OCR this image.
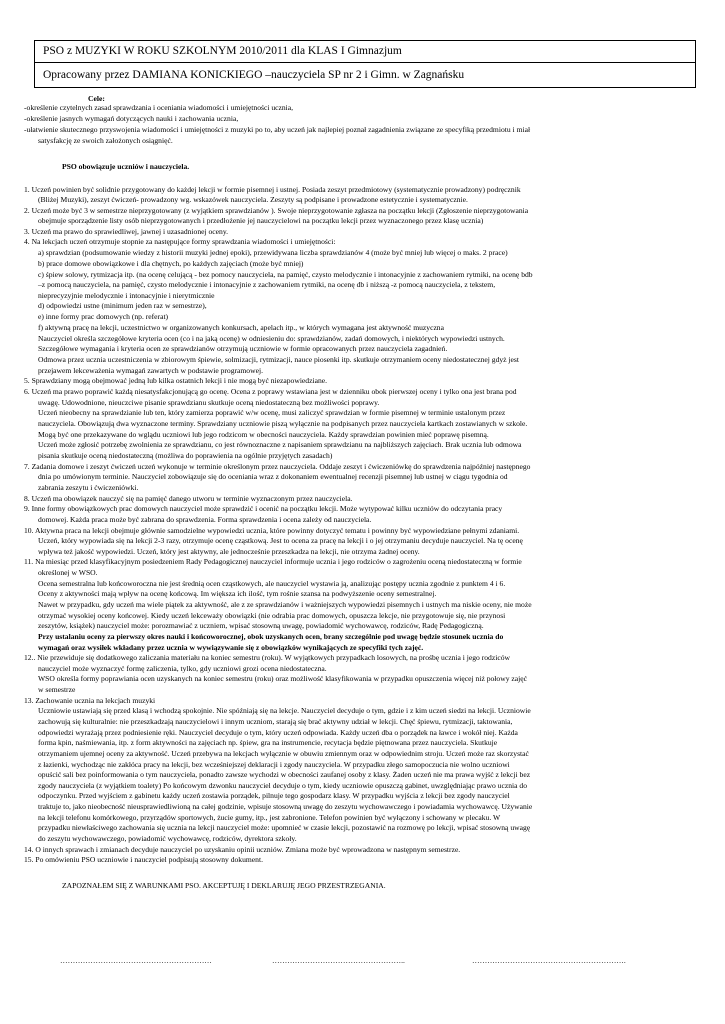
PSO z MUZYKI W ROKU SZKOLNYM 2010/2011 dla KLAS I Gimnazjum
Opracowany przez DAMIANA KONICKIEGO –nauczyciela SP nr 2 i Gimn. w Zagnańsku
Cele:
-określenie czytelnych zasad sprawdzania i oceniania wiadomości i umiejętności ucznia,
-określenie jasnych wymagań dotyczących nauki i zachowania ucznia,
-ułatwienie skutecznego przyswojenia wiadomości i umiejętności z muzyki po to, aby uczeń jak najlepiej poznał zagadnienia związane ze specyfiką przedmiotu i miał
satysfakcję ze swoich założonych osiągnięć.
PSO obowiązuje uczniów i nauczyciela.
1. Uczeń powinien być solidnie przygotowany do każdej lekcji w formie pisemnej i ustnej. Posiada zeszyt przedmiotowy (systematycznie prowadzony) podręcznik
(Bliżej Muzyki), zeszyt ćwiczeń- prowadzony wg. wskazówek nauczyciela. Zeszyty są podpisane i prowadzone estetycznie i systematycznie.
2. Uczeń może być 3 w semestrze nieprzygotowany (z wyjątkiem sprawdzianów ). Swoje nieprzygotowanie zgłasza na początku lekcji (Zgłoszenie nieprzygotowania
obejmuje sporządzenie listy osób nieprzygotowanych i przedłożenie jej nauczycielowi na początku lekcji przez wyznaczonego przez klasę ucznia)
3. Uczeń ma prawo do sprawiedliwej, jawnej i uzasadnionej oceny.
4. Na lekcjach uczeń otrzymuje stopnie za następujące formy sprawdzania wiadomości i umiejętności:
a) sprawdzian (podsumowanie wiedzy z historii muzyki jednej epoki), przewidywana liczba sprawdzianów 4 (może być mniej lub więcej o maks. 2 prace)
b) prace domowe obowiązkowe i dla chętnych, po każdych zajęciach (może być mniej)
c) śpiew solowy, rytmizacja itp. (na ocenę celującą - bez pomocy nauczyciela, na pamięć, czysto melodycznie i intonacyjnie z zachowaniem rytmiki, na ocenę bdb
–z pomocą nauczyciela, na pamięć, czysto melodycznie i intonacyjnie z zachowaniem rytmiki, na ocenę db i niższą -z pomocą nauczyciela, z tekstem,
nieprecyzyjnie melodycznie i intonacyjnie i nierytmicznie
d) odpowiedzi ustne (minimum jeden raz w semestrze),
e) inne formy prac domowych (np. referat)
f) aktywną pracę na lekcji, uczestnictwo w organizowanych konkursach, apelach itp., w których wymagana jest aktywność muzyczna
Nauczyciel określa szczegółowe kryteria ocen (co i na jaką ocenę) w odniesieniu do: sprawdzianów, zadań domowych, i niektórych wypowiedzi ustnych.
Szczegółowe wymagania i kryteria ocen ze sprawdzianów otrzymują uczniowie w formie opracowanych przez nauczyciela zagadnień.
Odmowa przez ucznia uczestniczenia w zbiorowym śpiewie, solmizacji, rytmizacji, nauce piosenki itp. skutkuje otrzymaniem oceny niedostatecznej gdyż jest
przejawem lekceważenia wymagań zawartych w podstawie programowej.
5. Sprawdziany mogą obejmować jedną lub kilka ostatnich lekcji i nie mogą być niezapowiedziane.
6. Uczeń ma prawo poprawić każdą niesatysfakcjonującą go ocenę. Ocena z poprawy wstawiana jest w dzienniku obok pierwszej oceny i tylko ona jest brana pod
uwagę. Udowodnione, nieuczciwe pisanie sprawdzianu skutkuje oceną niedostateczną bez możliwości poprawy.
Uczeń nieobecny na sprawdzianie lub ten, który zamierza poprawić w/w ocenę, musi zaliczyć sprawdzian w formie pisemnej w terminie ustalonym przez
nauczyciela. Obowiązują dwa wyznaczone terminy. Sprawdziany uczniowie piszą wyłącznie na podpisanych przez nauczyciela kartkach zostawianych w szkole.
Mogą być one przekazywane do wglądu uczniowi lub jego rodzicom w obecności nauczyciela. Każdy sprawdzian powinien mieć poprawę pisemną.
Uczeń może zgłosić potrzebę zwolnienia ze sprawdzianu, co jest równoznaczne z napisaniem sprawdzianu na najbliższych zajęciach. Brak ucznia lub odmowa
pisania skutkuje oceną niedostateczną (możliwa do poprawienia na ogólnie przyjętych zasadach)
7. Zadania domowe i zeszyt ćwiczeń uczeń wykonuje w terminie określonym przez nauczyciela. Oddaje zeszyt i ćwiczeniówkę do sprawdzenia najpóźniej następnego
dnia po umówionym terminie. Nauczyciel zobowiązuje się do oceniania wraz z dokonaniem ewentualnej recenzji pisemnej lub ustnej w ciągu tygodnia od
zabrania zeszytu i ćwiczeniówki.
8. Uczeń ma obowiązek nauczyć się na pamięć danego utworu w terminie wyznaczonym przez nauczyciela.
9. Inne formy obowiązkowych prac domowych nauczyciel może sprawdzić i ocenić na początku lekcji. Może wytypować kilku uczniów do odczytania pracy
domowej. Każda praca może być zabrana do sprawdzenia. Forma sprawdzenia i ocena zależy od nauczyciela.
10. Aktywna praca na lekcji obejmuje głównie samodzielne wypowiedzi ucznia, które powinny dotyczyć tematu i powinny być wypowiedziane pełnymi zdaniami.
Uczeń, który wypowiada się na lekcji 2-3 razy, otrzymuje ocenę cząstkową. Jest to ocena za pracę na lekcji i o jej otrzymaniu decyduje nauczyciel. Na tę ocenę
wpływa też jakość wypowiedzi. Uczeń, który jest aktywny, ale jednocześnie przeszkadza na lekcji, nie otrzyma żadnej oceny.
11. Na miesiąc przed klasyfikacyjnym posiedzeniem Rady Pedagogicznej nauczyciel informuje ucznia i jego rodziców o zagrożeniu oceną niedostateczną w formie
określonej w WSO.
Ocena semestralna lub końcoworoczna nie jest średnią ocen cząstkowych, ale nauczyciel wystawia ją, analizując postępy ucznia zgodnie z punktem 4 i 6.
Oceny z aktywności mają wpływ na ocenę końcową. Im większa ich ilość, tym rośnie szansa na podwyższenie oceny semestralnej.
Nawet w przypadku, gdy uczeń ma wiele piątek za aktywność, ale z ze sprawdzianów i ważniejszych wypowiedzi pisemnych i ustnych ma niskie oceny, nie może
otrzymać wysokiej oceny końcowej. Kiedy uczeń lekceważy obowiązki (nie odrabia prac domowych, opuszcza lekcje, nie przygotowuje się, nie przynosi
zeszytów, książek) nauczyciel może: porozmawiać z uczniem, wpisać stosowną uwagę, powiadomić wychowawcę, rodziców, Radę Pedagogiczną.
Przy ustalaniu oceny za pierwszy okres nauki i końcoworocznej, obok uzyskanych ocen, brany szczególnie pod uwagę będzie stosunek ucznia do
wymagań oraz wysiłek wkładany przez ucznia w wywiązywanie się z obowiązków wynikających ze specyfiki tych zajęć.
12.. Nie przewiduje się dodatkowego zaliczania materiału na koniec semestru (roku). W wyjątkowych przypadkach losowych, na prośbę ucznia i jego rodziców
nauczyciel może wyznaczyć formę zaliczenia, tylko, gdy uczniowi grozi ocena niedostateczna.
WSO określa formy poprawiania ocen uzyskanych na koniec semestru (roku) oraz możliwość klasyfikowania w przypadku opuszczenia więcej niż połowy zajęć
w semestrze
13. Zachowanie ucznia na lekcjach muzyki
Uczniowie ustawiają się przed klasą i wchodzą spokojnie. Nie spóźniają się na lekcje. Nauczyciel decyduje o tym, gdzie i z kim uczeń siedzi na lekcji. Uczniowie
zachowują się kulturalnie: nie przeszkadzają nauczycielowi i innym uczniom, starają się brać aktywny udział w lekcji. Chęć śpiewu, rytmizacji, taktowania,
odpowiedzi wyrażają przez podniesienie ręki. Nauczyciel decyduje o tym, który uczeń odpowiada. Każdy uczeń dba o porządek na ławce i wokół niej. Każda
forma kpin, naśmiewania, itp. z form aktywności na zajęciach np. śpiew, gra na instrumencie, recytacja będzie piętnowana przez nauczyciela. Skutkuje
otrzymaniem ujemnej oceny za aktywność. Uczeń przebywa na lekcjach wyłącznie w obuwiu zmiennym oraz w odpowiednim stroju. Uczeń może raz skorzystać
z łazienki, wychodząc nie zakłóca pracy na lekcji, bez wcześniejszej deklaracji i zgody nauczyciela. W przypadku złego samopoczucia nie wolno uczniowi
opuścić sali bez poinformowania o tym nauczyciela, ponadto zawsze wychodzi w obecności zaufanej osoby z klasy. Żaden uczeń nie ma prawa wyjść z lekcji bez
zgody nauczyciela (z wyjątkiem toalety) Po końcowym dzwonku nauczyciel decyduje o tym, kiedy uczniowie opuszczą gabinet, uwzględniając prawo ucznia do
odpoczynku. Przed wyjściem z gabinetu każdy uczeń zostawia porządek, pilnuje tego gospodarz klasy. W przypadku wyjścia z lekcji bez zgody nauczyciel
traktuje to, jako nieobecność nieusprawiedliwioną na całej godzinie, wpisuje stosowną uwagę do zeszytu wychowawczego i powiadamia wychowawcę. Używanie
na lekcji telefonu komórkowego, przyrządów sportowych, żucie gumy, itp., jest zabronione. Telefon powinien być wyłączony i schowany w plecaku. W
przypadku niewłaściwego zachowania się ucznia na lekcji nauczyciel może: upomnieć w czasie lekcji, pozostawić na rozmowę po lekcji, wpisać stosowną uwagę
do zeszytu wychowawczego, powiadomić wychowawcę, rodziców, dyrektora szkoły.
14. O innych sprawach i zmianach decyduje nauczyciel po uzyskaniu opinii uczniów. Zmiana może być wprowadzona w następnym semestrze.
15. Po omówieniu PSO uczniowie i nauczyciel podpisują stosowny dokument.
ZAPOZNAŁEM SIĘ Z WARUNKAMI PSO. AKCEPTUJĘ I DEKLARUJĘ JEGO PRZESTRZEGANIA.
……………………………………………………	……………………………………………..	…………………………………………………….
